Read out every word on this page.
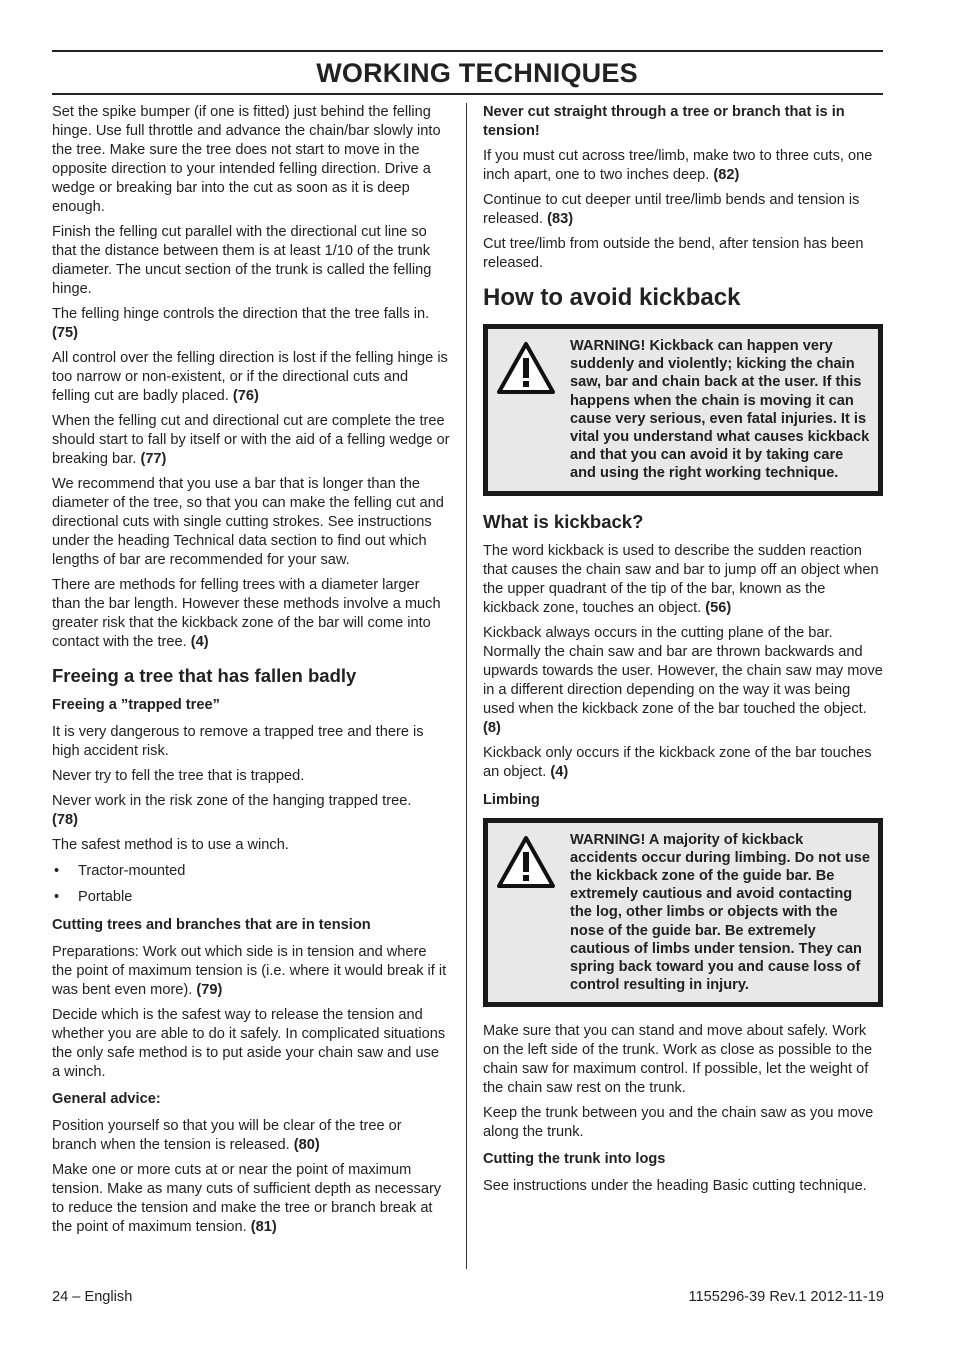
WORKING TECHNIQUES

Set the spike bumper (if one is fitted) just behind the felling hinge. Use full throttle and advance the chain/bar slowly into the tree. Make sure the tree does not start to move in the opposite direction to your intended felling direction. Drive a wedge or breaking bar into the cut as soon as it is deep enough.

Finish the felling cut parallel with the directional cut line so that the distance between them is at least 1/10 of the trunk diameter. The uncut section of the trunk is called the felling hinge.

The felling hinge controls the direction that the tree falls in.
(75)

All control over the felling direction is lost if the felling hinge is too narrow or non-existent, or if the directional cuts and felling cut are badly placed. (76)

When the felling cut and directional cut are complete the tree should start to fall by itself or with the aid of a felling wedge or breaking bar. (77)

We recommend that you use a bar that is longer than the diameter of the tree, so that you can make the felling cut and directional cuts with single cutting strokes. See instructions under the heading Technical data section to find out which lengths of bar are recommended for your saw.

There are methods for felling trees with a diameter larger than the bar length. However these methods involve a much greater risk that the kickback zone of the bar will come into contact with the tree. (4)

Freeing a tree that has fallen badly
Freeing a ”trapped tree”

It is very dangerous to remove a trapped tree and there is high accident risk.

Never try to fell the tree that is trapped.

Never work in the risk zone of the hanging trapped tree.
(78)

The safest method is to use a winch.

• Tractor-mounted
• Portable
Cutting trees and branches that are in tension

Preparations: Work out which side is in tension and where the point of maximum tension is (i.e. where it would break if it was bent even more). (79)

Decide which is the safest way to release the tension and whether you are able to do it safely. In complicated situations the only safe method is to put aside your chain saw and use a winch.

General advice:

Position yourself so that you will be clear of the tree or branch when the tension is released. (80)

Make one or more cuts at or near the point of maximum tension. Make as many cuts of sufficient depth as necessary to reduce the tension and make the tree or branch break at the point of maximum tension. (81)

Never cut straight through a tree or branch that is in tension!

If you must cut across tree/limb, make two to three cuts, one inch apart, one to two inches deep. (82)

Continue to cut deeper until tree/limb bends and tension is released. (83)

Cut tree/limb from outside the bend, after tension has been released.

How to avoid kickback
WARNING! Kickback can happen very suddenly and violently; kicking the chain saw, bar and chain back at the user. If this happens when the chain is moving it can cause very serious, even fatal injuries. It is vital you understand what causes kickback and that you can avoid it by taking care and using the right working technique.
What is kickback?

The word kickback is used to describe the sudden reaction that causes the chain saw and bar to jump off an object when the upper quadrant of the tip of the bar, known as the kickback zone, touches an object. (56)

Kickback always occurs in the cutting plane of the bar. Normally the chain saw and bar are thrown backwards and upwards towards the user. However, the chain saw may move in a different direction depending on the way it was being used when the kickback zone of the bar touched the object. (8)

Kickback only occurs if the kickback zone of the bar touches an object. (4)

Limbing
WARNING! A majority of kickback accidents occur during limbing. Do not use the kickback zone of the guide bar. Be extremely cautious and avoid contacting the log, other limbs or objects with the nose of the guide bar. Be extremely cautious of limbs under tension. They can spring back toward you and cause loss of control resulting in injury.

Make sure that you can stand and move about safely. Work on the left side of the trunk. Work as close as possible to the chain saw for maximum control. If possible, let the weight of the chain saw rest on the trunk.

Keep the trunk between you and the chain saw as you move along the trunk.

Cutting the trunk into logs

See instructions under the heading Basic cutting technique.

24 – English	1155296-39 Rev.1 2012-11-19
